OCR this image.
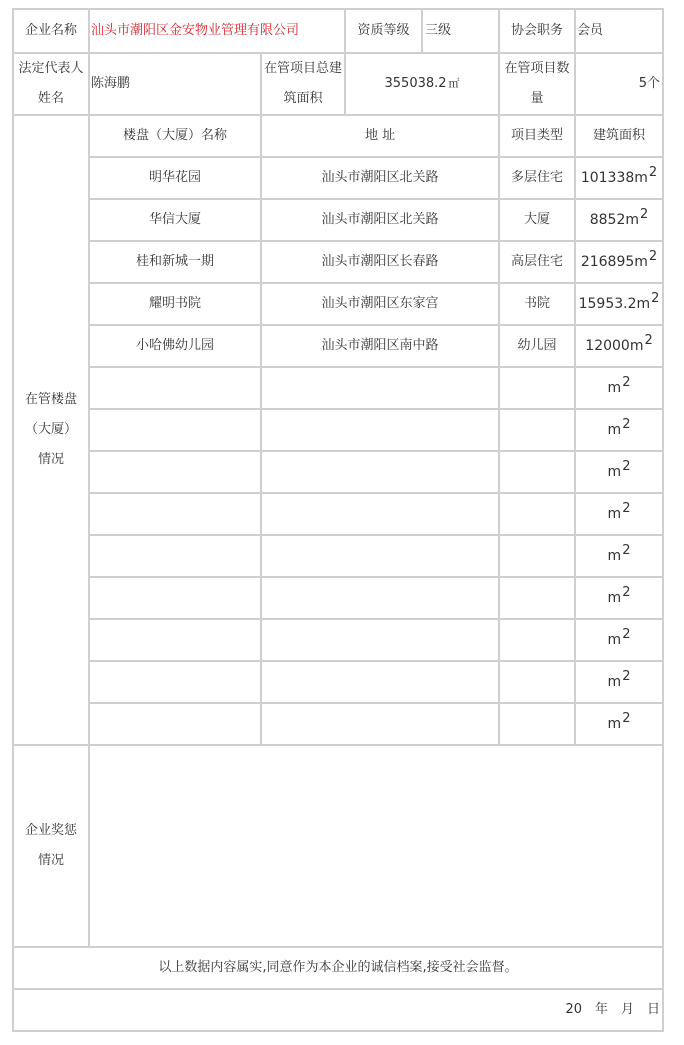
企业名称	汕头市潮阳区金安物业管理有限公司		资质等级 三级	协会职务	会员
法定代表人姓名	陈海鹏	在管项目总建筑面积	355038.2 ㎡	在管项目数量	5个
在管楼盘（大厦）情况	楼盘（大厦）名称	地 址		项目类型	建筑面积
	明华花园	汕头市潮阳区北关路		多层住宅	101338m2
	华信大厦	汕头市潮阳区北关路		大厦	8852m2
	桂和新城一期	汕头市潮阳区长春路		高层住宅	216895m2
	耀明书院	汕头市潮阳区东家宫		书院	15953.2m2
	小哈佛幼儿园	汕头市潮阳区南中路		幼儿园	12000m2
					m2
					m2
					m2
					m2
					m2
					m2
					m2
					m2
					m2
企业奖惩情况					
以上数据内容属实,同意作为本企业的诚信档案,接受社会监督。					
20　年　月　日					
